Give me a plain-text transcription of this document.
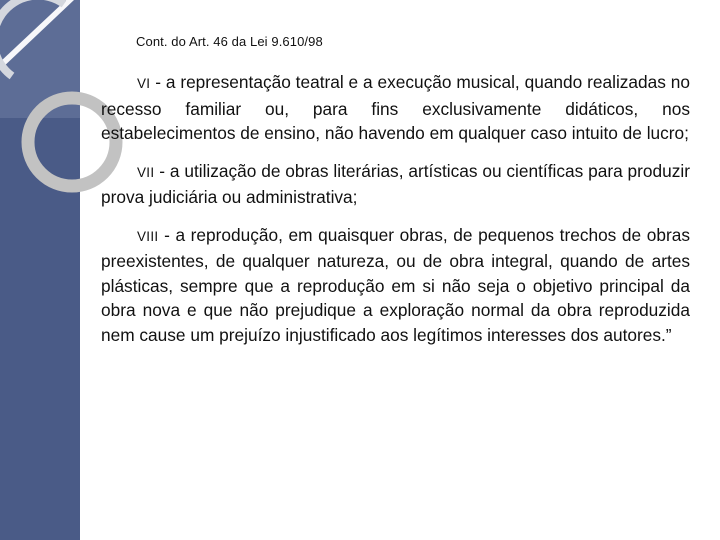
Cont. do Art. 46 da Lei 9.610/98

VI - a representação teatral e a execução musical, quando realizadas no recesso familiar ou, para fins exclusivamente didáticos, nos estabelecimentos de ensino, não havendo em qualquer caso intuito de lucro;

VII - a utilização de obras literárias, artísticas ou científicas para produzir prova judiciária ou administrativa;

VIII - a reprodução, em quaisquer obras, de pequenos trechos de obras preexistentes, de qualquer natureza, ou de obra integral, quando de artes plásticas, sempre que a reprodução em si não seja o objetivo principal da obra nova e que não prejudique a exploração normal da obra reproduzida nem cause um prejuízo injustificado aos legítimos interesses dos autores.”
